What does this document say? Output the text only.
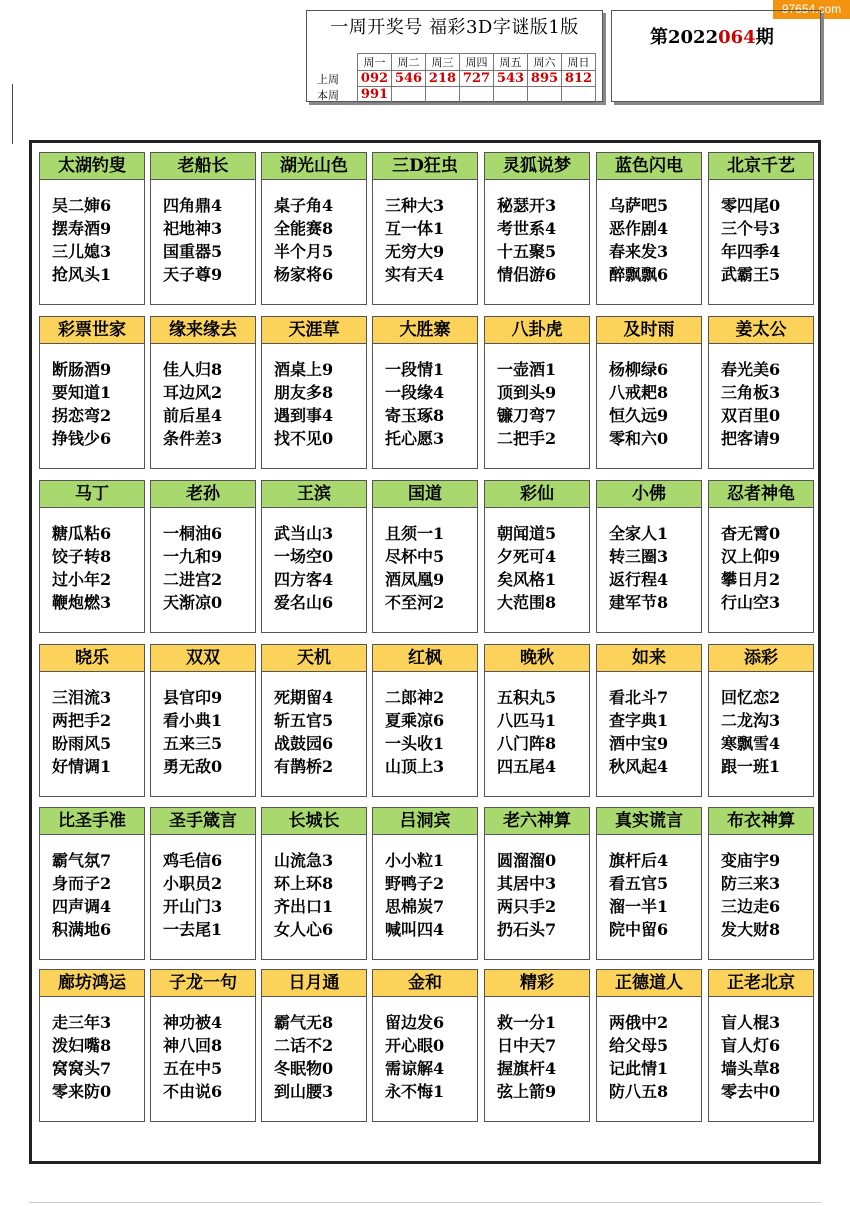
97654.com
一周开奖号 福彩3D字谜版1版
	周一	周二	周三	周四	周五	周六	周日
上周	092	546	218	727	543	895	812
本周	991						
第2022064期
太湖钓叟
吴二婶6
摆寿酒9
三儿媳3
抢风头1
老船长
四角鼎4
祀地神3
国重器5
天子尊9
湖光山色
桌子角4
全能赛8
半个月5
杨家将6
三D狂虫
三种大3
互一体1
无穷大9
实有天4
灵狐说梦
秘瑟开3
考世系4
十五聚5
情侣游6
蓝色闪电
乌萨吧5
恶作剧4
春来发3
醉飘飘6
北京千艺
零四尾0
三个号3
年四季4
武霸王5
彩票世家
断肠酒9
要知道1
拐恋弯2
挣钱少6
缘来缘去
佳人归8
耳边风2
前后星4
条件差3
天涯草
酒桌上9
朋友多8
遇到事4
找不见0
大胜寨
一段情1
一段缘4
寄玉琢8
托心愿3
八卦虎
一壶酒1
顶到头9
镰刀弯7
二把手2
及时雨
杨柳绿6
八戒耙8
恒久远9
零和六0
姜太公
春光美6
三角板3
双百里0
把客请9
马丁
糖瓜粘6
饺子转8
过小年2
鞭炮燃3
老孙
一桐油6
一九和9
二进宫2
天渐凉0
王滨
武当山3
一场空0
四方客4
爱名山6
国道
且须一1
尽杯中5
酒凤凰9
不至河2
彩仙
朝闻道5
夕死可4
矣风格1
大范围8
小佛
全家人1
转三圈3
返行程4
建军节8
忍者神龟
杳无霄0
汉上仰9
攀日月2
行山空3
晓乐
三泪流3
两把手2
盼雨风5
好情调1
双双
县官印9
看小典1
五来三5
勇无敌0
天机
死期留4
斩五官5
战鼓园6
有鹊桥2
红枫
二郎神2
夏乘凉6
一头收1
山顶上3
晚秋
五积丸5
八匹马1
八门阵8
四五尾4
如来
看北斗7
查字典1
酒中宝9
秋风起4
添彩
回忆恋2
二龙沟3
寒飘雪4
跟一班1
比圣手准
霸气氛7
身而子2
四声调4
积满地6
圣手箴言
鸡毛信6
小职员2
开山门3
一去尾1
长城长
山流急3
环上环8
齐出口1
女人心6
吕洞宾
小小粒1
野鸭子2
思棉炭7
喊叫四4
老六神算
圆溜溜0
其居中3
两只手2
扔石头7
真实谎言
旗杆后4
看五官5
溜一半1
院中留6
布衣神算
变庙宇9
防三来3
三边走6
发大财8
廊坊鸿运
走三年3
泼妇嘴8
窝窝头7
零来防0
子龙一句
神功被4
神八回8
五在中5
不由说6
日月通
霸气无8
二话不2
冬眠物0
到山腰3
金和
留边发6
开心眼0
需谅解4
永不悔1
精彩
救一分1
日中天7
握旗杆4
弦上箭9
正德道人
两俄中2
给父母5
记此情1
防八五8
正老北京
盲人棍3
盲人灯6
墙头草8
零去中0
